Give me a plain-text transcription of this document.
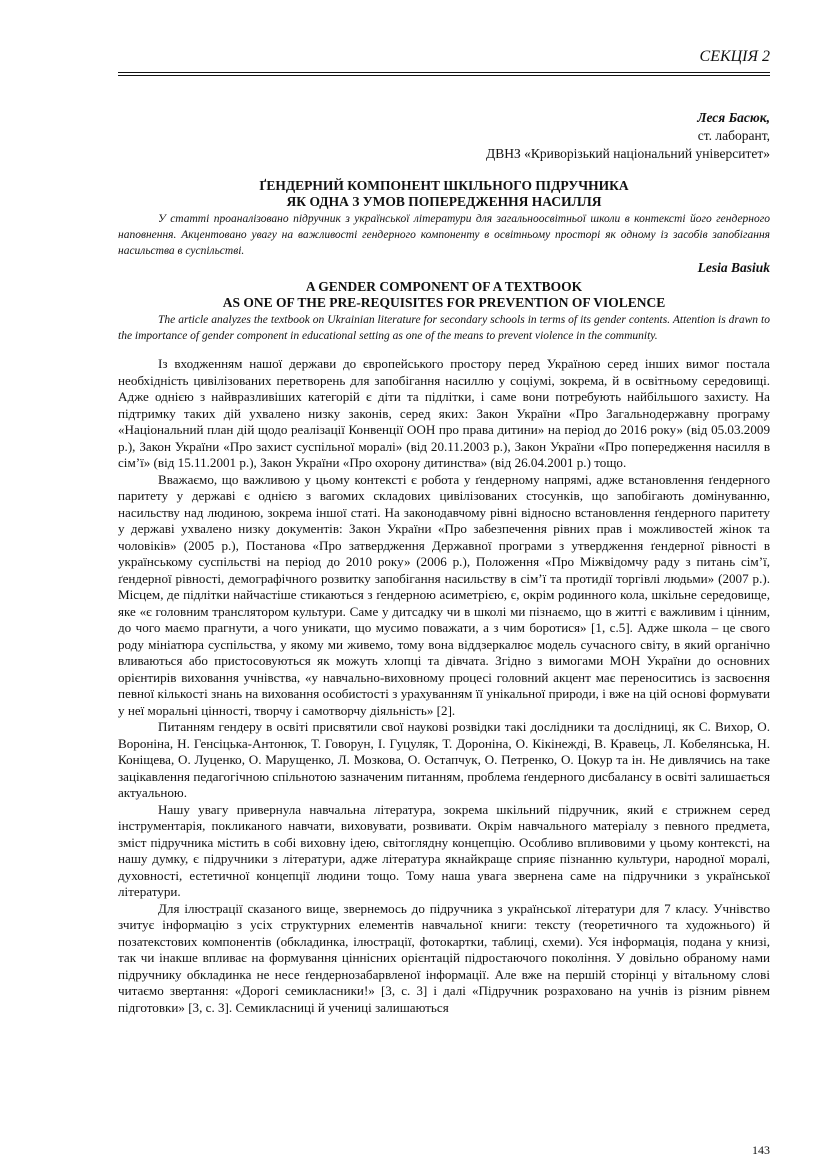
СЕКЦІЯ 2
Леся Басюк,
ст. лаборант,
ДВНЗ «Криворізький національний університет»
ҐЕНДЕРНИЙ КОМПОНЕНТ ШКІЛЬНОГО ПІДРУЧНИКА
ЯК ОДНА З УМОВ ПОПЕРЕДЖЕННЯ НАСИЛЛЯ
У статті проаналізовано підручник з української літератури для загальноосвітньої школи в контексті його гендерного наповнення. Акцентовано увагу на важливості гендерного компоненту в освітньому просторі як одному із засобів запобігання насильства в суспільстві.
Lesia Basiuk
A GENDER COMPONENT OF A TEXTBOOK
AS ONE OF THE PRE-REQUISITES FOR PREVENTION OF VIOLENCE
The article analyzes the textbook on Ukrainian literature for secondary schools in terms of its gender contents. Attention is drawn to the importance of gender component in educational setting as one of the means to prevent violence in the community.

Із входженням нашої держави до європейського простору перед Україною серед інших вимог постала необхідність цивілізованих перетворень для запобігання насиллю у соціумі, зокрема, й в освітньому середовищі. Адже однією з найвразливіших категорій є діти та підлітки, і саме вони потребують найбільшого захисту. На підтримку таких дій ухвалено низку законів, серед яких: Закон України «Про Загальнодержавну програму «Національний план дій щодо реалізації Конвенції ООН про права дитини» на період до 2016 року» (від 05.03.2009 р.), Закон України «Про захист суспільної моралі» (від 20.11.2003 р.), Закон України «Про попередження насилля в сім’ї» (від 15.11.2001 р.), Закон України «Про охорону дитинства» (від 26.04.2001 р.) тощо.

Вважаємо, що важливою у цьому контексті є робота у ґендерному напрямі, адже встановлення ґендерного паритету у державі є однією з вагомих складових цивілізованих стосунків, що запобігають домінуванню, насильству над людиною, зокрема іншої статі. На законодавчому рівні відносно встановлення ґендерного паритету у державі ухвалено низку документів: Закон України «Про забезпечення рівних прав і можливостей жінок та чоловіків» (2005 р.), Постанова «Про затвердження Державної програми з утвердження ґендерної рівності в українському суспільстві на період до 2010 року» (2006 р.), Положення «Про Міжвідомчу раду з питань сім’ї, ґендерної рівності, демографічного розвитку запобігання насильству в сім’ї та протидії торгівлі людьми» (2007 р.). Місцем, де підлітки найчастіше стикаються з ґендерною асиметрією, є, окрім родинного кола, шкільне середовище, яке «є головним транслятором культури. Саме у дитсадку чи в школі ми пізнаємо, що в житті є важливим і цінним, до чого маємо прагнути, а чого уникати, що мусимо поважати, а з чим боротися» [1, с.5]. Адже школа – це свого роду мініатюра суспільства, у якому ми живемо, тому вона віддзеркалює модель сучасного світу, в який органічно вливаються або пристосовуються як можуть хлопці та дівчата. Згідно з вимогами МОН України до основних орієнтирів виховання учнівства, «у навчально-виховному процесі головний акцент має переноситись із засвоєння певної кількості знань на виховання особистості з урахуванням її унікальної природи, і вже на цій основі формувати у неї моральні цінності, творчу і самотворчу діяльність» [2].

Питанням гендеру в освіті присвятили свої наукові розвідки такі дослідники та дослідниці, як С. Вихор, О. Вороніна, Н. Генсіцька-Антонюк, Т. Говорун, І. Гуцуляк, Т. Дороніна, О. Кікінежді, В. Кравець, Л. Кобелянська, Н. Коніщева, О. Луценко, О. Марущенко, Л. Мозкова, О. Остапчук, О. Петренко, О. Цокур та ін. Не дивлячись на таке зацікавлення педагогічною спільнотою зазначеним питанням, проблема ґендерного дисбалансу в освіті залишається актуальною.

Нашу увагу привернула навчальна література, зокрема шкільний підручник, який є стрижнем серед інструментарія, покликаного навчати, виховувати, розвивати. Окрім навчального матеріалу з певного предмета, зміст підручника містить в собі виховну ідею, світоглядну концепцію. Особливо впливовими у цьому контексті, на нашу думку, є підручники з літератури, адже література якнайкраще сприяє пізнанню культури, народної моралі, духовності, естетичної концепції людини тощо. Тому наша увага звернена саме на підручники з української літератури.

Для ілюстрації сказаного вище, звернемось до підручника з української літератури для 7 класу. Учнівство зчитує інформацію з усіх структурних елементів навчальної книги: тексту (теоретичного та художнього) й позатекстових компонентів (обкладинка, ілюстрації, фотокартки, таблиці, схеми). Уся інформація, подана у книзі, так чи інакше впливає на формування ціннісних орієнтацій підростаючого покоління. У довільно обраному нами підручнику обкладинка не несе ґендернозабарвленої інформації. Але вже на першій сторінці у вітальному слові читаємо звертання: «Дорогі семикласники!» [3, с. 3] і далі «Підручник розраховано на учнів із різним рівнем підготовки» [3, с. 3]. Семикласниці й учениці залишаються

143
